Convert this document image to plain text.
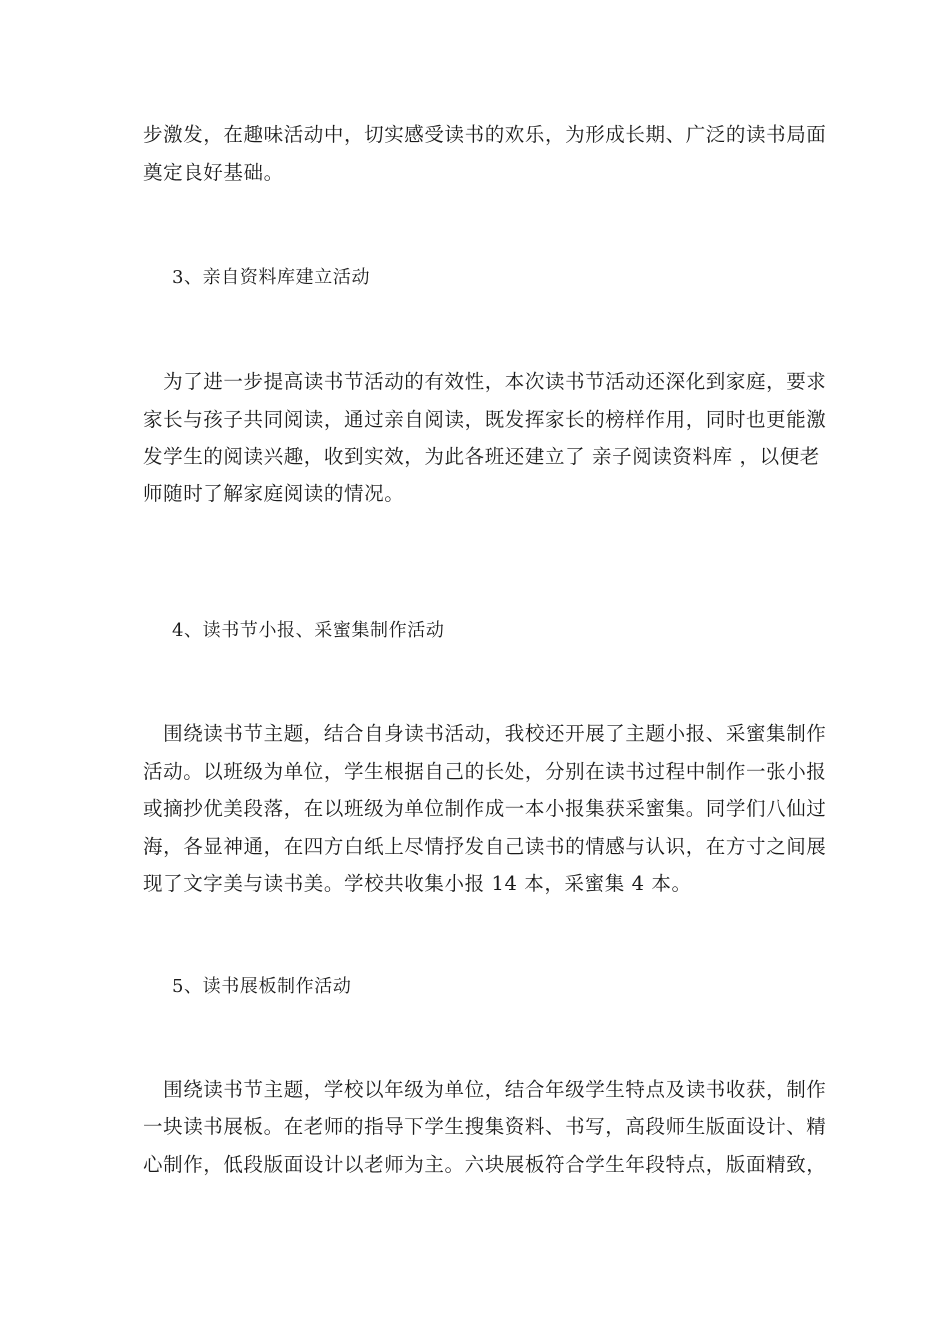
步激发，在趣味活动中，切实感受读书的欢乐，为形成长期、广泛的读书局面
奠定良好基础。
3、亲自资料库建立活动
　为了进一步提高读书节活动的有效性，本次读书节活动还深化到家庭，要求
家长与孩子共同阅读，通过亲自阅读，既发挥家长的榜样作用，同时也更能激
发学生的阅读兴趣，收到实效，为此各班还建立了 亲子阅读资料库 ，以便老
师随时了解家庭阅读的情况。
4、读书节小报、采蜜集制作活动
　围绕读书节主题，结合自身读书活动，我校还开展了主题小报、采蜜集制作
活动。以班级为单位，学生根据自己的长处，分别在读书过程中制作一张小报
或摘抄优美段落，在以班级为单位制作成一本小报集获采蜜集。同学们八仙过
海，各显神通，在四方白纸上尽情抒发自己读书的情感与认识，在方寸之间展
现了文字美与读书美。学校共收集小报 14 本，采蜜集 4 本。
5、读书展板制作活动
　围绕读书节主题，学校以年级为单位，结合年级学生特点及读书收获，制作
一块读书展板。在老师的指导下学生搜集资料、书写，高段师生版面设计、精
心制作，低段版面设计以老师为主。六块展板符合学生年段特点，版面精致，
